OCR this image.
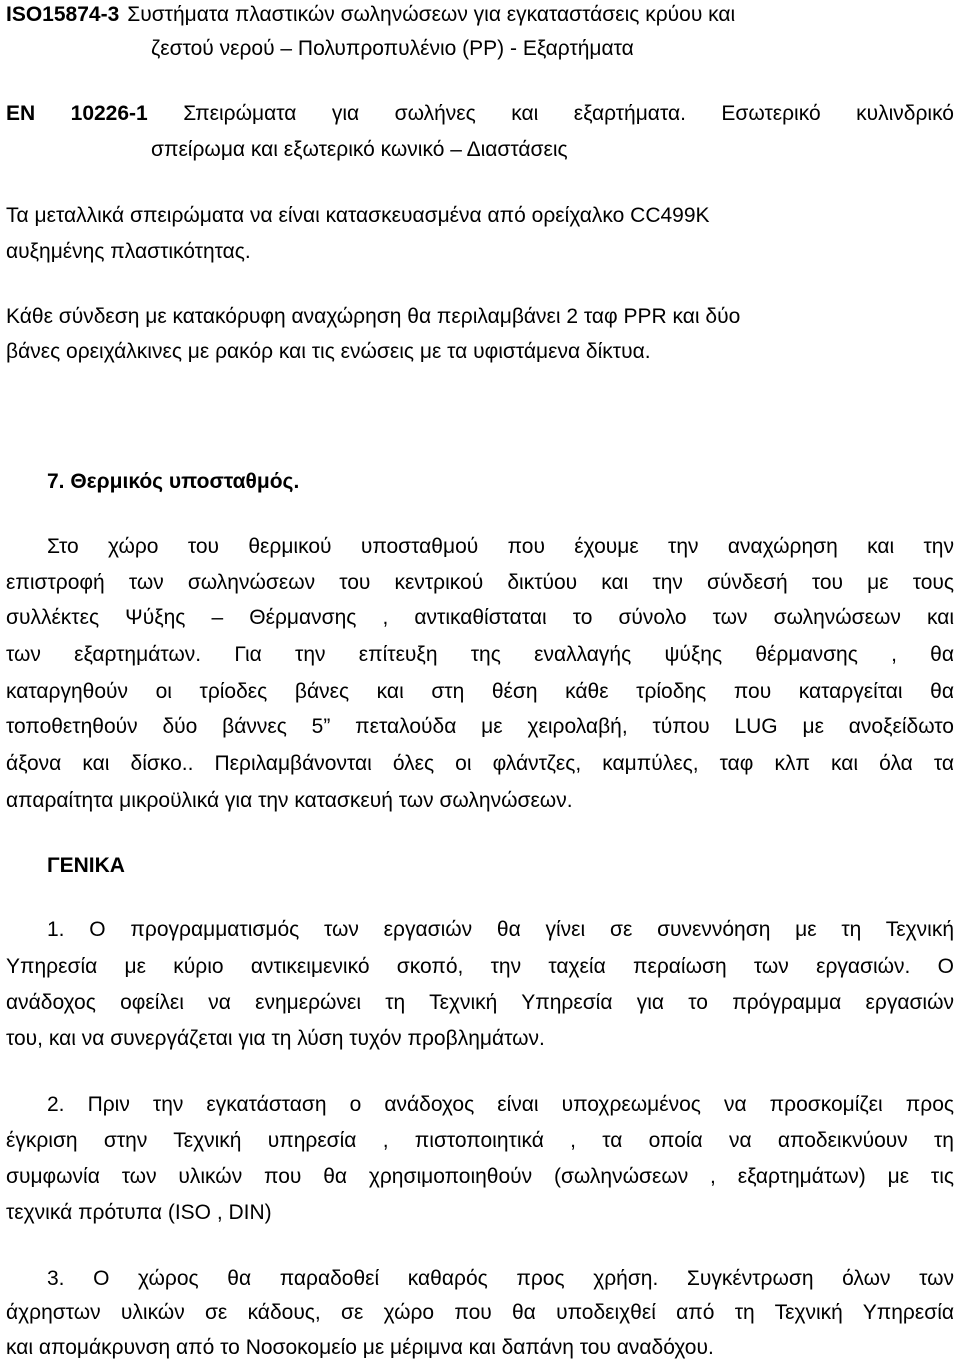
ISO15874-3 Συστήματα πλαστικών σωληνώσεων για εγκαταστάσεις κρύου και
ζεστού νερού – Πολυπροπυλένιο (PP) - Εξαρτήματα
EN 10226-1 Σπειρώματα για σωλήνες και εξαρτήματα. Εσωτερικό κυλινδρικό
σπείρωμα και εξωτερικό κωνικό – Διαστάσεις
Τα μεταλλικά σπειρώματα να είναι κατασκευασμένα από ορείχαλκο CC499K
αυξημένης πλαστικότητας.
Κάθε σύνδεση με κατακόρυφη αναχώρηση θα περιλαμβάνει 2 ταφ PPR και δύο
βάνες ορειχάλκινες με ρακόρ και τις ενώσεις με τα υφιστάμενα δίκτυα.
7. Θερμικός υποσταθμός.
Στο χώρο του θερμικού υποσταθμού που έχουμε την αναχώρηση και την
επιστροφή των σωληνώσεων του κεντρικού δικτύου και την σύνδεσή του με τους
συλλέκτες Ψύξης – Θέρμανσης , αντικαθίσταται το σύνολο των σωληνώσεων και
των εξαρτημάτων. Για την επίτευξη της εναλλαγής ψύξης θέρμανσης , θα
καταργηθούν οι τρίοδες βάνες και στη θέση κάθε τρίοδης που καταργείται θα
τοποθετηθούν δύο βάννες 5” πεταλούδα με χειρολαβή, τύπου LUG με ανοξείδωτο
άξονα και δίσκο.. Περιλαμβάνονται όλες οι φλάντζες, καμπύλες, ταφ κλπ και όλα τα
απαραίτητα μικροϋλικά για την κατασκευή των σωληνώσεων.
ΓΕΝΙΚΑ
1. Ο προγραμματισμός των εργασιών θα γίνει σε συνεννόηση με τη Τεχνική
Υπηρεσία με κύριο αντικειμενικό σκοπό, την ταχεία περαίωση των εργασιών. Ο
ανάδοχος οφείλει να ενημερώνει τη Τεχνική Υπηρεσία για το πρόγραμμα εργασιών
του, και να συνεργάζεται για τη λύση τυχόν προβλημάτων.
2. Πριν την εγκατάσταση ο ανάδοχος είναι υποχρεωμένος να προσκομίζει προς
έγκριση στην Τεχνική υπηρεσία , πιστοποιητικά , τα οποία να αποδεικνύουν τη
συμφωνία των υλικών που θα χρησιμοποιηθούν (σωληνώσεων , εξαρτημάτων) με τις
τεχνικά πρότυπα (ISO , DIN)
3. Ο χώρος θα παραδοθεί καθαρός προς χρήση. Συγκέντρωση όλων των
άχρηστων υλικών σε κάδους, σε χώρο που θα υποδειχθεί από τη Τεχνική Υπηρεσία
και απομάκρυνση από το Νοσοκομείο με μέριμνα και δαπάνη του αναδόχου.
